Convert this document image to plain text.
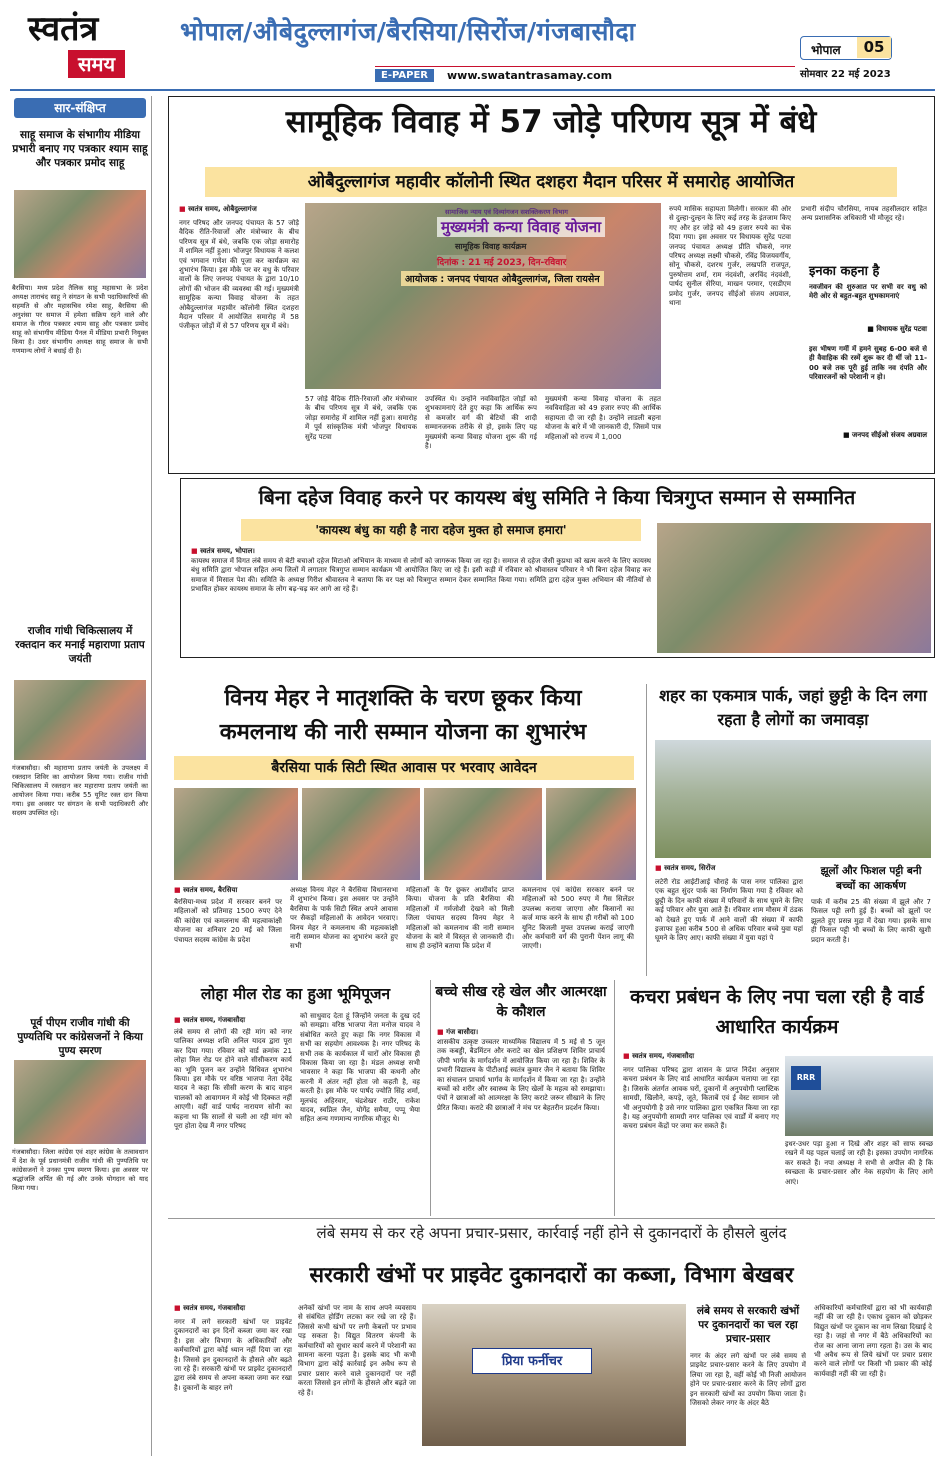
स्वतंत्र
समय
भोपाल/औबेदुल्लागंज/बैरसिया/सिरोंज/गंजबासौदा
E-PAPER	www.swatantrasamay.com
भोपाल	05
सोमवार 22 मई 2023
सार-संक्षिप्त
साहू समाज के संभागीय मीडिया प्रभारी बनाए गए पत्रकार श्याम साहू और पत्रकार प्रमोद साहू
बैरसिया। मध्य प्रदेश तैलिक साहू महासभा के प्रदेश अध्यक्ष ताराचंद साहू ने संगठन के सभी पदाधिकारियों की सहमति से और महासचिव रमेश साहू, बैरसिया की अनुशंसा पर समाज में हमेशा सक्रिय रहने वाले और समाज के गौरव पत्रकार श्याम साहू और पत्रकार प्रमोद साहू को संभागीय मीडिया पैनल में मीडिया प्रभारी नियुक्त किया है। उधर संभागीय अध्यक्ष साहू समाज के सभी गणमान्य लोगों ने बधाई दी है।
राजीव गांधी चिकित्सालय में रक्तदान कर मनाई महाराणा प्रताप जयंती
गंजबासौदा। श्री महाराणा प्रताप जयंती के उपलक्ष्य में रक्तदान शिविर का आयोजन किया गया। राजीव गांधी चिकित्सालय में रक्तदान कर महाराणा प्रताप जयंती का आयोजन किया गया। करीब 55 यूनिट रक्त दान किया गया। इस अवसर पर संगठन के सभी पदाधिकारी और सदस्य उपस्थित रहे।
पूर्व पीएम राजीव गांधी की पुण्यतिथि पर कांग्रेसजनों ने किया पुण्य स्मरण
गंजबासौदा। जिला कांग्रेस एवं शहर कांग्रेस के तत्वावधान में देश के पूर्व प्रधानमंत्री राजीव गांधी की पुण्यतिथि पर कांग्रेसजनों ने उनका पुण्य स्मरण किया। इस अवसर पर श्रद्धांजलि अर्पित की गई और उनके योगदान को याद किया गया।
सामूहिक विवाह में 57 जोड़े परिणय सूत्र में बंधे
ओबैदुल्लागंज महावीर कॉलोनी स्थित दशहरा मैदान परिसर में समारोह आयोजित
■ स्वतंत्र समय, ओबैदुल्लागंज
नगर परिषद और जनपद पंचायत के 57 जोड़े वैदिक रीति-रिवाजों और मंत्रोच्चार के बीच परिणय सूत्र में बंधे, जबकि एक जोड़ा समारोह में शामिल नहीं हुआ। भोजपुर विधायक ने कलश एवं भगवान गणेश की पूजा कर कार्यक्रम का शुभारंभ किया। इस मौके पर वर वधु के परिवार वालों के लिए जनपद पंचायत के द्वारा 10/10 लोगों की भोजन की व्यवस्था की गई। मुख्यमंत्री सामूहिक कन्या विवाह योजना के तहत ओबैदुल्लागंज महावीर कॉलोनी स्थित दशहरा मैदान परिसर में आयोजित समारोह में 58 पंजीकृत जोड़ों में से 57 परिणय सूत्र में बंधे।
सामाजिक न्याय एवं दिव्यांगजन सशक्तिकरण विभाग
मुख्यमंत्री कन्या विवाह योजना
सामूहिक विवाह कार्यक्रम
दिनांक : 21 मई 2023, दिन-रविवार
आयोजक : जनपद पंचायत ओबैदुल्लागंज, जिला रायसेन
57 जोड़े वैदिक रीति-रिवाजों और मंत्रोच्चार के बीच परिणय सूत्र में बंधे, जबकि एक जोड़ा समारोह में शामिल नहीं हुआ। समारोह में पूर्व सांस्कृतिक मंत्री भोजपुर विधायक सुरेंद्र पटवा
उपस्थित थे। उन्होंने नवविवाहित जोड़ों को शुभकामनाएं देते हुए कहा कि आर्थिक रूप से कमजोर वर्ग की बेटियों की शादी सम्मानजनक तरीके से हो, इसके लिए यह मुख्यमंत्री कन्या विवाह योजना शुरू की गई है।
मुख्यमंत्री कन्या विवाह योजना के तहत नवविवाहिता को 49 हजार रुपए की आर्थिक सहायता दी जा रही है। उन्होंने लाडली बहना योजना के बारे में भी जानकारी दी, जिसमें पात्र महिलाओं को राज्य में 1,000
रुपये मासिक सहायता मिलेगी। सरकार की ओर से दुल्हा-दुल्हन के लिए कई तरह के इंतजाम किए गए और हर जोड़े को 49 हजार रुपये का चेक दिया गया। इस अवसर पर विधायक सुरेंद्र पटवा जनपद पंचायत अध्यक्ष प्रीति चौकसे, नगर परिषद अध्यक्ष लक्ष्मी चौकसे, रविंद्र विजयवर्गीय, सोनू चौकसे, दशरथ गुर्जर, लखपति राजपूत, पुरुषोत्तम शर्मा, राम नंदवंशी, अरविंद नंदवंशी, पार्षद सुनील सेरिया, माखन परमार, एसडीएम प्रमोद गुर्जर, जनपद सीईओ संजय अग्रवाल, थाना
प्रभारी संदीप चौरसिया, नायब तहसीलदार सहित अन्य प्रशासनिक अधिकारी भी मौजूद रहे।
इनका कहना है
नवजीवन की शुरुआत पर सभी वर वधु को मेरी ओर से बहुत-बहुत शुभकामनाएं
■ विधायक सुरेंद्र पटवा
इस भीषण गर्मी में हमने सुबह 6-00 बजे से ही वैवाहिक की रस्में शुरू कर दी थीं जो 11-00 बजे तक पूरी हुई ताकि नव दंपति और परिवारजनों को परेशानी न हो।
■ जनपद सीईओ संजय अग्रवाल
बिना दहेज विवाह करने पर कायस्थ बंधु समिति ने किया चित्रगुप्त सम्मान से सम्मानित
'कायस्थ बंधु का यही है नारा दहेज मुक्त हो समाज हमारा'
■ स्वतंत्र समय, भोपाल।
कायस्थ समाज में विगत लंबे समय से बेटी बचाओ दहेज मिटाओ अभियान के माध्यम से लोगों को जागरूक किया जा रहा है। समाज से दहेज जैसी कुप्रथा को खत्म करने के लिए कायस्थ बंधु समिति द्वारा भोपाल सहित अन्य जिलों में लगातार चित्रगुप्त सम्मान कार्यक्रम भी आयोजित किए जा रहे हैं। इसी कड़ी में रविवार को श्रीवास्तव परिवार ने भी बिना दहेज विवाह कर समाज में मिसाल पेश की। समिति के अध्यक्ष गिरीश श्रीवास्तव ने बताया कि वर पक्ष को चित्रगुप्त सम्मान देकर सम्मानित किया गया। समिति द्वारा दहेज मुक्त अभियान की नीतियों से प्रभावित होकर कायस्थ समाज के लोग बढ़-चढ़ कर आगे आ रहे हैं।
विनय मेहर ने मातृशक्ति के चरण छूकर किया
कमलनाथ की नारी सम्मान योजना का शुभारंभ
बैरसिया पार्क सिटी स्थित आवास पर भरवाए आवेदन
■ स्वतंत्र समय, बैरसिया
बैरसिया-मध्य प्रदेश में सरकार बनने पर महिलाओं को प्रतिमाह 1500 रुपए देने की कांग्रेस एवं कमलनाथ की महत्वाकांक्षी योजना का शनिवार 20 मई को जिला पंचायत सदस्य कांग्रेस के प्रदेश
अध्यक्ष विनय मेहर ने बैरसिया विधानसभा में शुभारंभ किया। इस अवसर पर उन्होंने बैरसिया के पार्क सिटी स्थित अपने आवास पर सैकड़ों महिलाओं के आवेदन भरवाए। विनय मेहर ने कमलनाथ की महत्वकांक्षी नारी सम्मान योजना का शुभारंभ करते हुए सभी
महिलाओं के पैर छूकर आशीर्वाद प्राप्त किया। योजना के प्रति बैरसिया की महिलाओं में गर्मजोशी देखने को मिली जिला पंचायत सदस्य विनय मेहर ने महिलाओं को कमलनाथ की नारी सम्मान योजना के बारे में विस्तृत से जानकारी दी। साथ ही उन्होंने बताया कि प्रदेश में
कमलनाथ एवं कांग्रेस सरकार बनने पर महिलाओं को 500 रुपए में गैस सिलेंडर उपलब्ध कराया जाएगा और किसानों का कर्ज माफ करने के साथ ही गरीबों को 100 यूनिट बिजली मुफ्त उपलब्ध कराई जाएगी और कर्मचारी वर्ग की पुरानी पेंशन लागू की जाएगी।
शहर का एकमात्र पार्क, जहां छुट्टी के दिन लगा रहता है लोगों का जमावड़ा
■ स्वतंत्र समय, सिरोंज
लटेरी रोड आईटीआई चौराहे के पास नगर पालिका द्वारा एक बहुत सुंदर पार्क का निर्माण किया गया है रविवार को छुट्टी के दिन काफी संख्या में परिवारों के साथ घूमने के लिए कई परिवार और युवा आते हैं। रविवार शाम मौसम में ठंडक को देखते हुए पार्क में आने वालों की संख्या में काफी इजाफा हुआ करीब 500 से अधिक परिवार बच्चे युवा यहां घूमने के लिए आए। काफी संख्या में युवा यहां पे
झूलों और फिशल पट्टी बनी बच्चों का आकर्षण
पार्क में करीब 25 की संख्या में झूले और 7 फिसल पट्टी लगी हुई हैं। बच्चों को झूलों पर झूलते हुए प्रसन्न मुद्रा में देखा गया। इसके साथ ही फिसल पट्टी भी बच्चों के लिए काफी खुशी प्रदान करती है।
लोहा मील रोड का हुआ भूमिपूजन
■ स्वतंत्र समय, गंजबासौदा
लंबे समय से लोगों की रही मांग को नगर पालिका अध्यक्ष शशि अनिल यादव द्वारा पूरा कर दिया गया। रविवार को वार्ड क्रमांक 21 लोहा मिल रोड पर होने वाले सीसीकरण कार्य का भूमि पूजन कर उन्होंने विधिवत शुभारंभ किया। इस मौके पर वरिष्ठ भाजपा नेता देवेंद्र यादव ने कहा कि सीसी करण के बाद वाहन चालकों को आवागमन में कोई भी दिक्कत नहीं आएगी। वहीं वार्ड पार्षद नारायण सोनी का कहना था कि सालों से चली आ रही मांग को पूरा होता देख मैं नगर परिषद
को साधुवाद देता हूं जिन्होंने जनता के दुख दर्द को समझा। वरिष्ठ भाजपा नेता मनोज यादव ने संबोधित करते हुए कहा कि नगर विकास में सभी का सहयोग आवश्यक है। नगर परिषद के सभी तक के कार्यकाल में चारों ओर विकास ही विकास किया जा रहा है। मंडल अध्यक्ष सभी भावसार ने कहा कि भाजपा की कथनी और करनी में अंतर नहीं होता जो कहती है, वह करती है। इस मौके पर पार्षद ज्योति सिंह शर्मा, मूलचंद अहिरवार, चंद्रशेखर राठौर, राकेश यादव, स्वप्निल जैन, योगेंद्र समैया, पप्पू भैया सहित अन्य गणमान्य नागरिक मौजूद थे।
बच्चे सीख रहे खेल और आत्मरक्षा के कौशल
■ गंज बासौदा।
शासकीय उत्कृष्ट उच्चतर माध्यमिक विद्यालय में 5 मई से 5 जून तक कबड्डी, बैडमिंटन और कराटे का खेल प्रशिक्षण शिविर प्राचार्य जीपी भार्गव के मार्गदर्शन में आयोजित किया जा रहा है। शिविर के प्रभारी विद्यालय के पीटीआई स्वतंत्र कुमार जैन ने बताया कि शिविर का संचालन प्राचार्य भार्गव के मार्गदर्शन में किया जा रहा है। उन्होंने बच्चों को शरीर और स्वास्थ्य के लिए खेलों के महत्व को समझाया। पंचों ने छात्राओं को आत्मरक्षा के लिए कराटे जरूर सीखाने के लिए प्रेरित किया। कराटे की छात्राओं ने मंच पर बेहतरीन प्रदर्शन किया।
कचरा प्रबंधन के लिए नपा चला रही है वार्ड आधारित कार्यक्रम
■ स्वतंत्र समय, गंजबासौदा
नगर पालिका परिषद द्वारा शासन के प्राप्त निर्देश अनुसार कचरा प्रबंधन के लिए वार्ड आधारित कार्यक्रम चलाया जा रहा है। जिसके अंतर्गत आवक घरों, दुकानों में अनुपयोगी प्लास्टिक सामग्री, खिलौने, कपड़े, जूते, किताबें एवं ई वेस्ट सामान जो भी अनुपयोगी है उसे नगर पालिका द्वारा एकत्रित किया जा रहा है। यह अनुपयोगी सामग्री नगर पालिका एवं वार्डों में बनाए गए कचरा प्रबंधन केंद्रों पर जमा कर सकते हैं।
RRR
इधर-उधर पड़ा हुआ न दिखे और शहर को साफ स्वच्छ रखने में यह पहल चलाई जा रही है। इसका उपयोग नागरिक कर सकते हैं। नपा अध्यक्ष ने सभी से अपील की है कि स्वच्छता के प्रचार-प्रसार और नेक सहयोग के लिए आगे आएं।
लंबे समय से कर रहे अपना प्रचार-प्रसार, कार्रवाई नहीं होने से दुकानदारों के हौसले बुलंद
सरकारी खंभों पर प्राइवेट दुकानदारों का कब्जा, विभाग बेखबर
■ स्वतंत्र समय, गंजबासौदा
नगर में लगे सरकारी खंभों पर प्राइवेट दुकानदारों का इन दिनों कब्जा जमा कर रखा है। इस ओर विभाग के अधिकारियों और कर्मचारियों द्वारा कोई ध्यान नहीं दिया जा रहा है। जिससे इन दुकानदारों के हौसले और बढ़ते जा रहे हैं। सरकारी खंभों पर प्राइवेट दुकानदारों द्वारा लंबे समय से अपना कब्जा जमा कर रखा है। दुकानों के बाहर लगे
अनेकों खंभों पर नाम के साथ अपने व्यवसाय से संबंधित होर्डिंग लटका कर रखे जा रहे हैं। जिससे कभी खंभों पर लगी केबलों पर प्रभाव पड़ सकता है। विद्युत वितरण कंपनी के कर्मचारियों को सुधार कार्य करने में परेशानी का सामना करना पड़ता है। इसके बाद भी कभी विभाग द्वारा कोई कार्रवाई इन अवैध रूप से प्रचार प्रसार करने वाले दुकानदारों पर नहीं करता जिससे इन लोगों के हौसले और बढ़ते जा रहे हैं।
प्रिया फर्नीचर
लंबे समय से सरकारी खंभों पर दुकानदारों का चल रहा प्रचार-प्रसार
नगर के अंदर लगे खंभों पर लंबे समय से प्राइवेट प्रचार-प्रसार करने के लिए उपयोग में लिया जा रहा है, वहीं कोई भी निजी आयोजन होने पर प्रचार-प्रसार करने के लिए लोगों द्वारा इन सरकारी खंभों का उपयोग किया जाता है। जिसको लेकर नगर के अंदर बैठे
अधिकारियों कर्मचारियों द्वारा को भी कार्यवाही नहीं की जा रही है। एकाध दुकान को छोड़कर विद्युत खंभों पर दुकान का नाम लिखा दिखाई दे रहा है। जहां से नगर में बैठे अधिकारियों का रोज का आना जाना लगा रहता है। उस के बाद भी अवैध रूप से लिये खंभों पर प्रचार प्रसार करने वाले लोगों पर किसी भी प्रकार की कोई कार्यवाही नहीं की जा रही है।
